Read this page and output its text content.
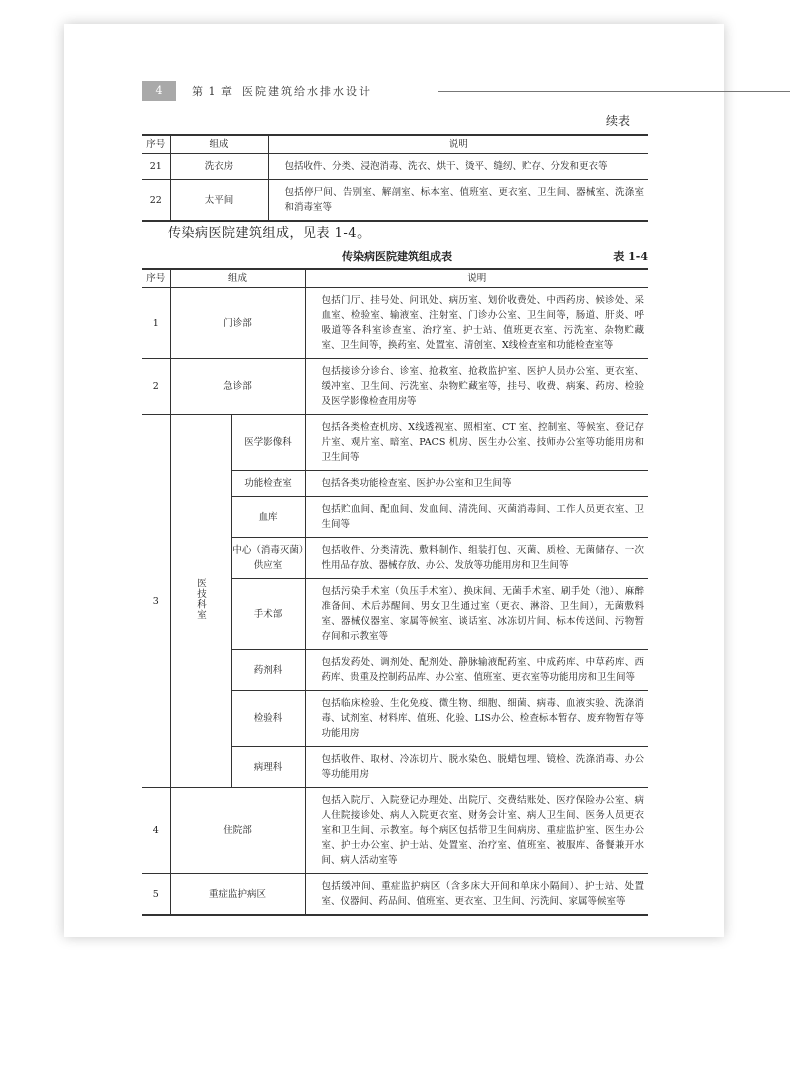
4	第 1 章 医院建筑给水排水设计
续表
序号	组成	说明
21	洗衣房	包括收件、分类、浸泡消毒、洗衣、烘干、烫平、缝纫、贮存、分发和更衣等
22	太平间	包括停尸间、告别室、解剖室、标本室、值班室、更衣室、卫生间、器械室、洗涤室和消毒室等
传染病医院建筑组成，见表 1-4。
传染病医院建筑组成表	表 1-4
序号	组成		说明
1	门诊部		包括门厅、挂号处、问讯处、病历室、划价收费处、中西药房、候诊处、采血室、检验室、输液室、注射室、门诊办公室、卫生间等，肠道、肝炎、呼吸道等各科室诊查室、治疗室、护士站、值班更衣室、污洗室、杂物贮藏室、卫生间等，换药室、处置室、清创室、X线检查室和功能检查室等
2	急诊部		包括接诊分诊台、诊室、抢救室、抢救监护室、医护人员办公室、更衣室、缓冲室、卫生间、污洗室、杂物贮藏室等，挂号、收费、病案、药房、检验及医学影像检查用房等
3	医技科室	医学影像科	包括各类检查机房、X线透视室、照相室、CT 室、控制室、等候室、登记存片室、观片室、暗室、PACS 机房、医生办公室、技师办公室等功能用房和卫生间等
		功能检查室	包括各类功能检查室、医护办公室和卫生间等
		血库	包括贮血间、配血间、发血间、清洗间、灭菌消毒间、工作人员更衣室、卫生间等
		中心（消毒灭菌）供应室	包括收件、分类清洗、敷料制作、组装打包、灭菌、质检、无菌储存、一次性用品存放、器械存放、办公、发放等功能用房和卫生间等
		手术部	包括污染手术室（负压手术室）、换床间、无菌手术室、刷手处（池）、麻醉准备间、术后苏醒间、男女卫生通过室（更衣、淋浴、卫生间），无菌敷料室、器械仪器室、家属等候室、谈话室、冰冻切片间、标本传送间、污物暂存间和示教室等
		药剂科	包括发药处、调剂处、配剂处、静脉输液配药室、中成药库、中草药库、西药库、贵重及控制药品库、办公室、值班室、更衣室等功能用房和卫生间等
		检验科	包括临床检验、生化免疫、微生物、细胞、细菌、病毒、血液实验、洗涤消毒、试剂室、材料库、值班、化验、LIS办公、检查标本暂存、废弃物暂存等功能用房
		病理科	包括收件、取材、冷冻切片、脱水染色、脱蜡包埋、镜检、洗涤消毒、办公等功能用房
4	住院部		包括入院厅、入院登记办理处、出院厅、交费结账处、医疗保险办公室、病人住院接诊处、病人入院更衣室、财务会计室、病人卫生间、医务人员更衣室和卫生间、示教室。每个病区包括带卫生间病房、重症监护室、医生办公室、护士办公室、护士站、处置室、治疗室、值班室、被服库、备餐兼开水间、病人活动室等
5	重症监护病区		包括缓冲间、重症监护病区（含多床大开间和单床小隔间）、护士站、处置室、仪器间、药品间、值班室、更衣室、卫生间、污洗间、家属等候室等
